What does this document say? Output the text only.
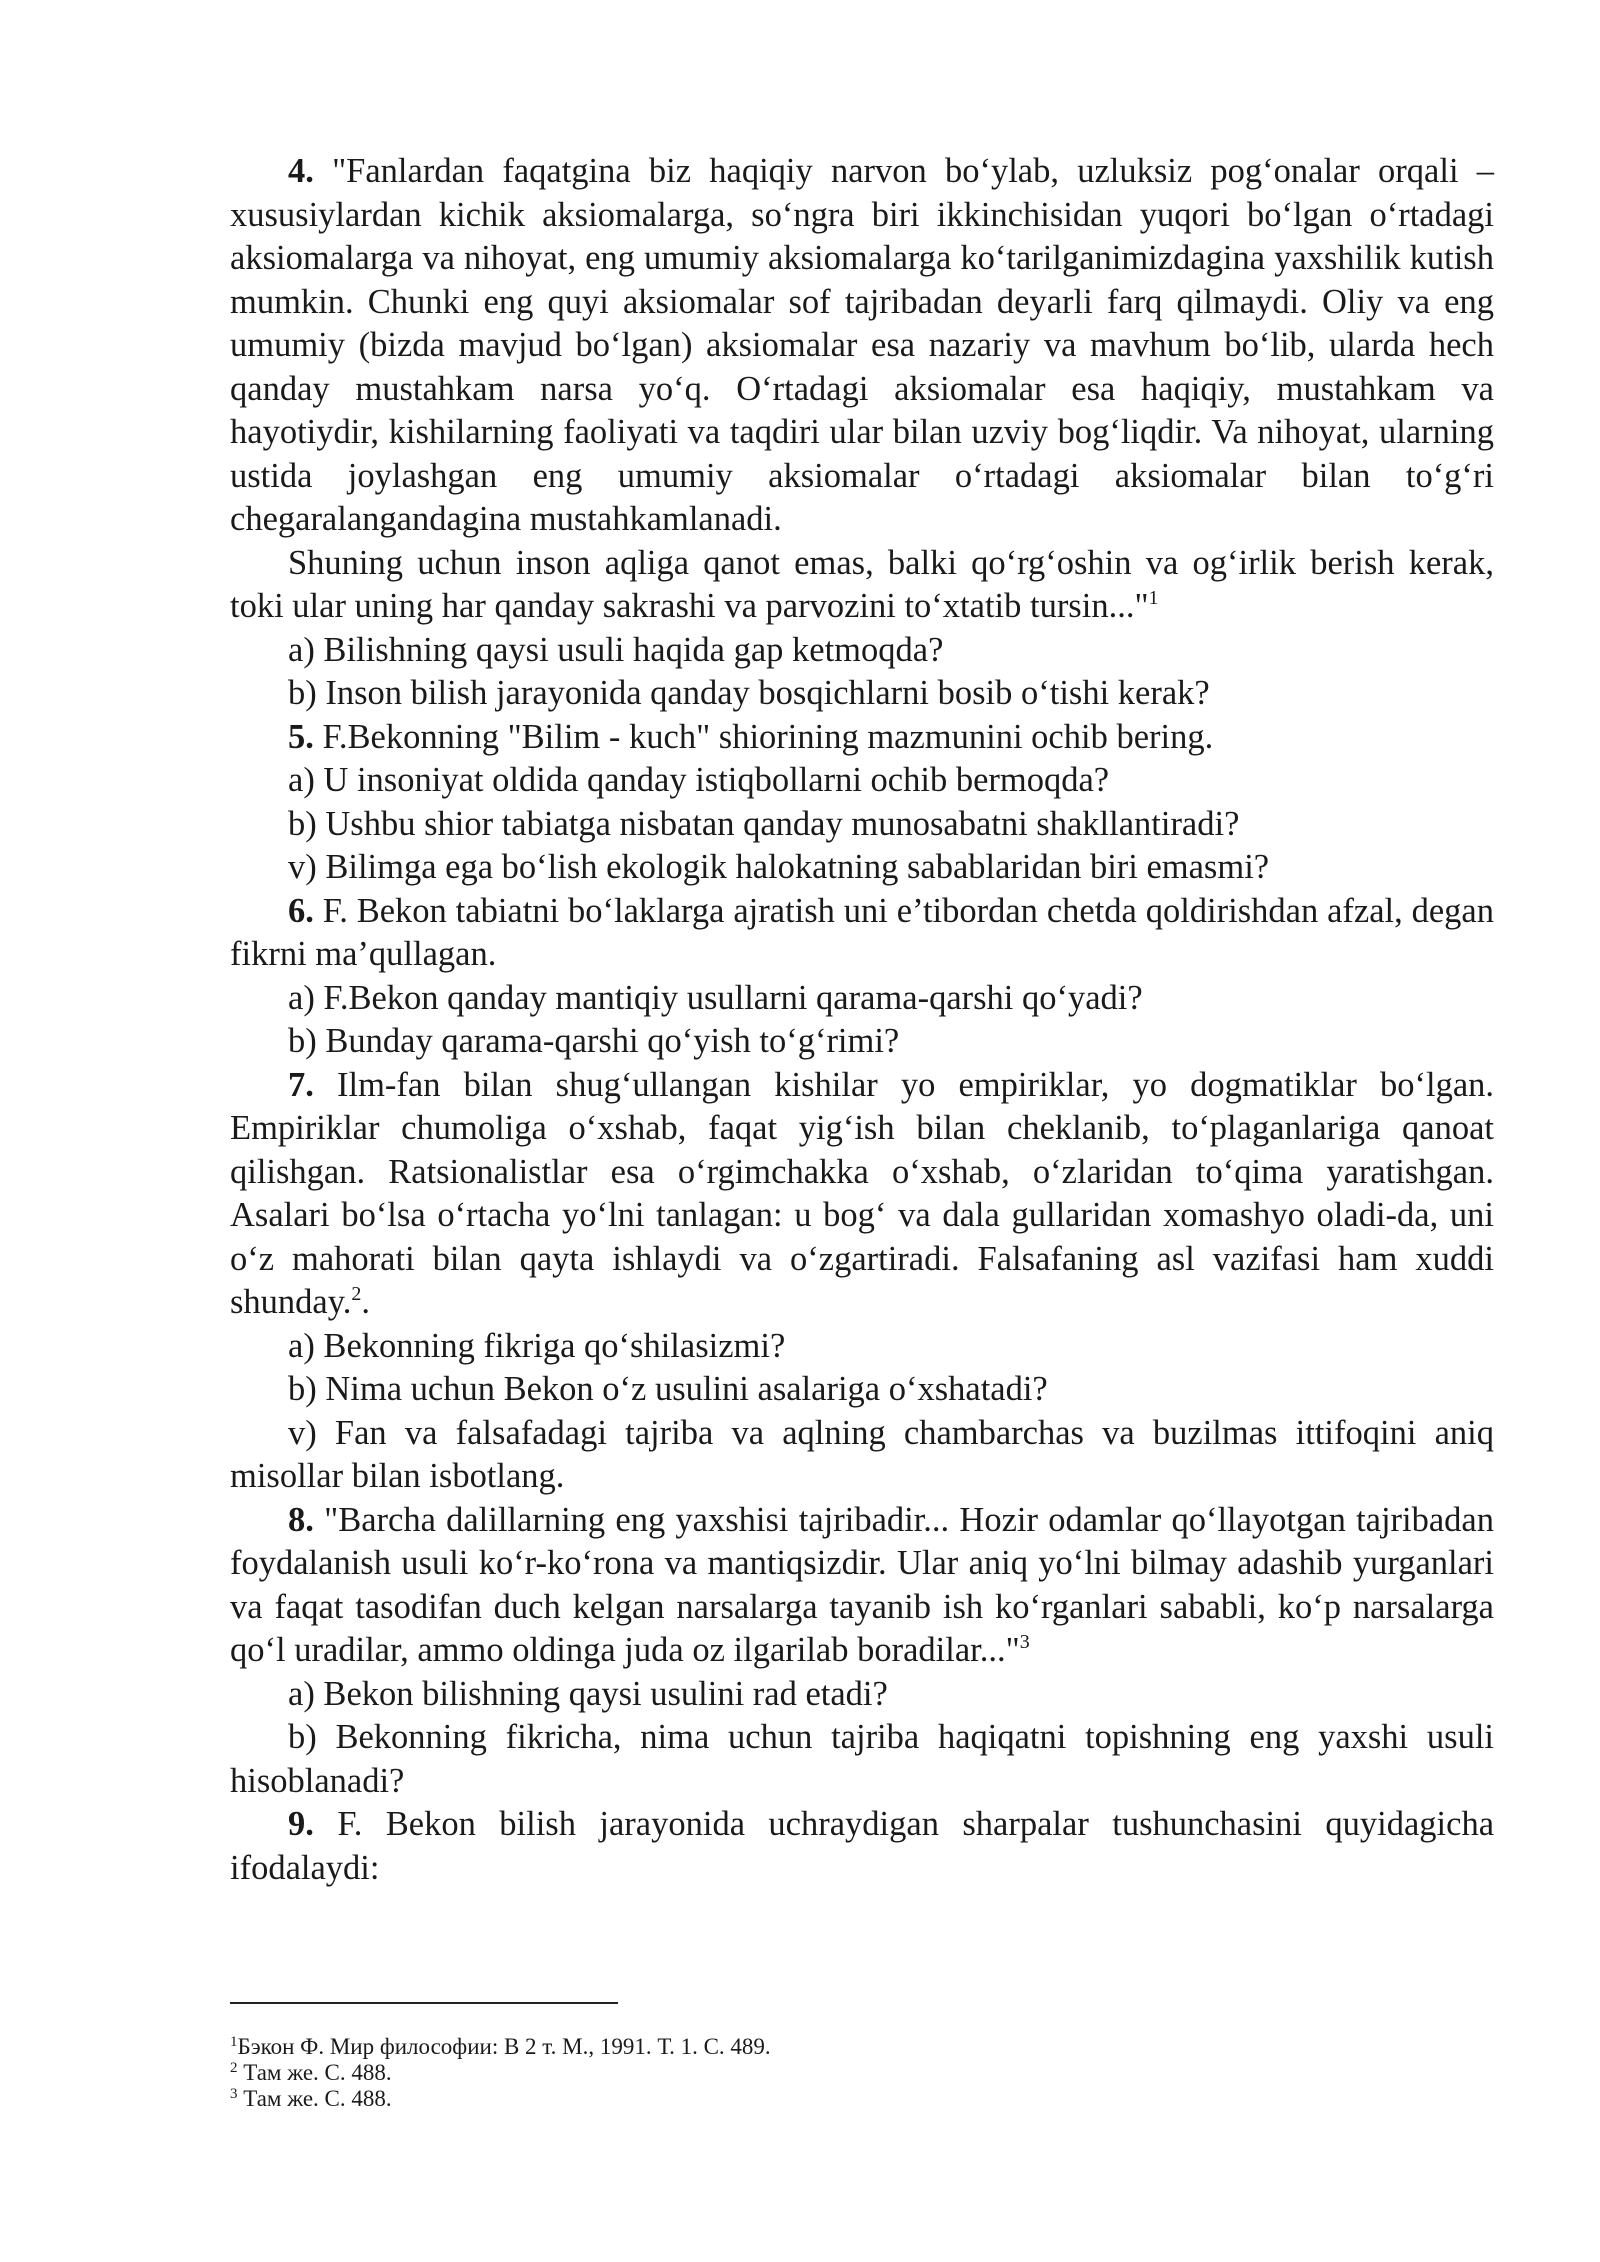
4. "Fanlardan faqatgina biz haqiqiy narvon bo‘ylab, uzluksiz pog‘onalar orqali – xususiylardan kichik aksiomalarga, so‘ngra biri ikkinchisidan yuqori bo‘lgan o‘rtadagi aksiomalarga va nihoyat, eng umumiy aksiomalarga ko‘tarilganimizdagina yaxshilik kutish mumkin. Chunki eng quyi aksiomalar sof tajribadan deyarli farq qilmaydi. Oliy va eng umumiy (bizda mavjud bo‘lgan) aksiomalar esa nazariy va mavhum bo‘lib, ularda hech qanday mustahkam narsa yo‘q. O‘rtadagi aksiomalar esa haqiqiy, mustahkam va hayotiydir, kishilarning faoliyati va taqdiri ular bilan uzviy bog‘liqdir. Va nihoyat, ularning ustida joylashgan eng umumiy aksiomalar o‘rtadagi aksiomalar bilan to‘g‘ri chegaralangandagina mustahkamlanadi.

Shuning uchun inson aqliga qanot emas, balki qo‘rg‘oshin va og‘irlik berish kerak, toki ular uning har qanday sakrashi va parvozini to‘xtatib tursin..."$^1$

a) Bilishning qaysi usuli haqida gap ketmoqda?

b) Inson bilish jarayonida qanday bosqichlarni bosib o‘tishi kerak?

5. F.Bekonning "Bilim - kuch" shiorining mazmunini ochib bering.

a) U insoniyat oldida qanday istiqbollarni ochib bermoqda?

b) Ushbu shior tabiatga nisbatan qanday munosabatni shakllantiradi?

v) Bilimga ega bo‘lish ekologik halokatning sabablaridan biri emasmi?

6. F. Bekon tabiatni bo‘laklarga ajratish uni e’tibordan chetda qoldirishdan afzal, degan fikrni ma’qullagan.

a) F.Bekon qanday mantiqiy usullarni qarama-qarshi qo‘yadi?

b) Bunday qarama-qarshi qo‘yish to‘g‘rimi?

7. Ilm-fan bilan shug‘ullangan kishilar yo empiriklar, yo dogmatiklar bo‘lgan. Empiriklar chumoliga o‘xshab, faqat yig‘ish bilan cheklanib, to‘plaganlariga qanoat qilishgan. Ratsionalistlar esa o‘rgimchakka o‘xshab, o‘zlaridan to‘qima yaratishgan. Asalari bo‘lsa o‘rtacha yo‘lni tanlagan: u bog‘ va dala gullaridan xomashyo oladi-da, uni o‘z mahorati bilan qayta ishlaydi va o‘zgartiradi. Falsafaning asl vazifasi ham xuddi shunday.$^2$.

a) Bekonning fikriga qo‘shilasizmi?

b) Nima uchun Bekon o‘z usulini asalariga o‘xshatadi?

v) Fan va falsafadagi tajriba va aqlning chambarchas va buzilmas ittifoqini aniq misollar bilan isbotlang.

8. "Barcha dalillarning eng yaxshisi tajribadir... Hozir odamlar qo‘llayotgan tajribadan foydalanish usuli ko‘r-ko‘rona va mantiqsizdir. Ular aniq yo‘lni bilmay adashib yurganlari va faqat tasodifan duch kelgan narsalarga tayanib ish ko‘rganlari sababli, ko‘p narsalarga qo‘l uradilar, ammo oldinga juda oz ilgarilab boradilar..."$^3$

a) Bekon bilishning qaysi usulini rad etadi?

b) Bekonning fikricha, nima uchun tajriba haqiqatni topishning eng yaxshi usuli hisoblanadi?

9. F. Bekon bilish jarayonida uchraydigan sharpalar tushunchasini quyidagicha ifodalaydi:

$^1$Бэкон Ф. Мир философии: В 2 т. М., 1991. Т. 1. С. 489.

$^2$ Там же. С. 488.

$^3$ Там же. С. 488.
